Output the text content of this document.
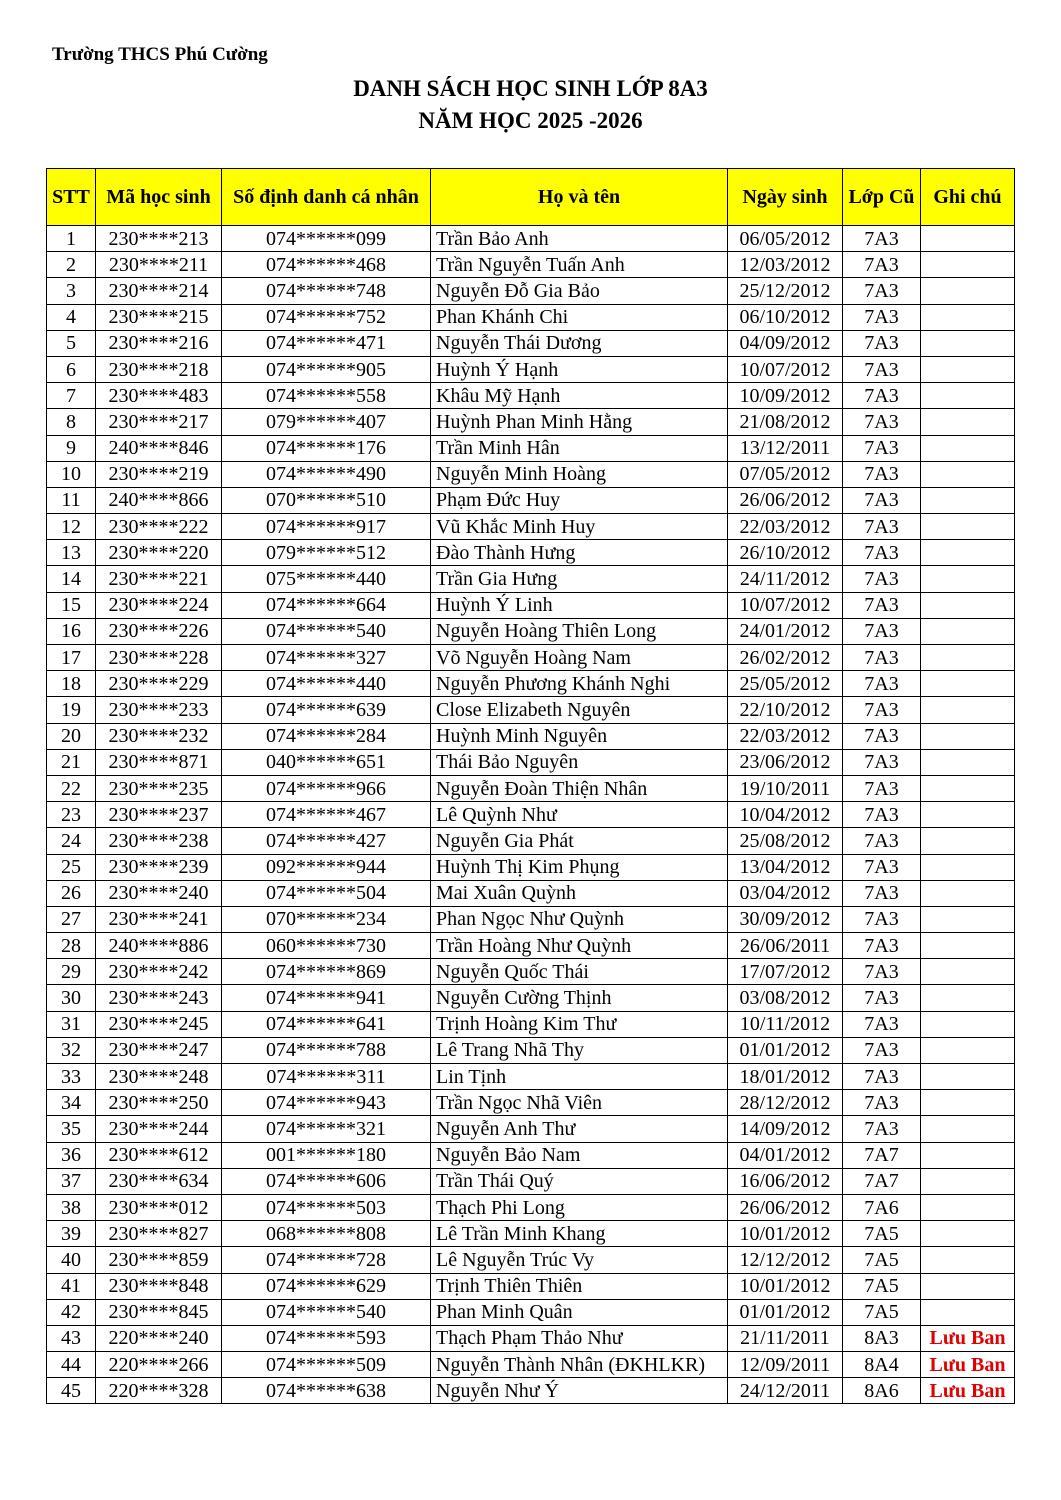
Trường THCS Phú Cường
DANH SÁCH HỌC SINH LỚP 8A3
NĂM HỌC 2025 -2026
STT	Mã học sinh	Số định danh cá nhân	Họ và tên	Ngày sinh	Lớp Cũ	Ghi chú
1	230****213	074******099	Trần Bảo Anh	06/05/2012	7A3	
2	230****211	074******468	Trần Nguyễn Tuấn Anh	12/03/2012	7A3	
3	230****214	074******748	Nguyễn Đỗ Gia Bảo	25/12/2012	7A3	
4	230****215	074******752	Phan Khánh Chi	06/10/2012	7A3	
5	230****216	074******471	Nguyễn Thái Dương	04/09/2012	7A3	
6	230****218	074******905	Huỳnh Ý Hạnh	10/07/2012	7A3	
7	230****483	074******558	Khâu Mỹ Hạnh	10/09/2012	7A3	
8	230****217	079******407	Huỳnh Phan Minh Hằng	21/08/2012	7A3	
9	240****846	074******176	Trần Minh Hân	13/12/2011	7A3	
10	230****219	074******490	Nguyễn Minh Hoàng	07/05/2012	7A3	
11	240****866	070******510	Phạm Đức Huy	26/06/2012	7A3	
12	230****222	074******917	Vũ Khắc Minh Huy	22/03/2012	7A3	
13	230****220	079******512	Đào Thành Hưng	26/10/2012	7A3	
14	230****221	075******440	Trần Gia Hưng	24/11/2012	7A3	
15	230****224	074******664	Huỳnh Ý Linh	10/07/2012	7A3	
16	230****226	074******540	Nguyễn Hoàng Thiên Long	24/01/2012	7A3	
17	230****228	074******327	Võ Nguyễn Hoàng Nam	26/02/2012	7A3	
18	230****229	074******440	Nguyễn Phương Khánh Nghi	25/05/2012	7A3	
19	230****233	074******639	Close Elizabeth Nguyên	22/10/2012	7A3	
20	230****232	074******284	Huỳnh Minh Nguyên	22/03/2012	7A3	
21	230****871	040******651	Thái Bảo Nguyên	23/06/2012	7A3	
22	230****235	074******966	Nguyễn Đoàn Thiện Nhân	19/10/2011	7A3	
23	230****237	074******467	Lê Quỳnh Như	10/04/2012	7A3	
24	230****238	074******427	Nguyễn Gia Phát	25/08/2012	7A3	
25	230****239	092******944	Huỳnh Thị Kim Phụng	13/04/2012	7A3	
26	230****240	074******504	Mai Xuân Quỳnh	03/04/2012	7A3	
27	230****241	070******234	Phan Ngọc Như Quỳnh	30/09/2012	7A3	
28	240****886	060******730	Trần Hoàng Như Quỳnh	26/06/2011	7A3	
29	230****242	074******869	Nguyễn Quốc Thái	17/07/2012	7A3	
30	230****243	074******941	Nguyễn Cường Thịnh	03/08/2012	7A3	
31	230****245	074******641	Trịnh Hoàng Kim Thư	10/11/2012	7A3	
32	230****247	074******788	Lê Trang Nhã Thy	01/01/2012	7A3	
33	230****248	074******311	Lin Tịnh	18/01/2012	7A3	
34	230****250	074******943	Trần Ngọc Nhã Viên	28/12/2012	7A3	
35	230****244	074******321	Nguyễn Anh Thư	14/09/2012	7A3	
36	230****612	001******180	Nguyễn Bảo Nam	04/01/2012	7A7	
37	230****634	074******606	Trần Thái Quý	16/06/2012	7A7	
38	230****012	074******503	Thạch Phi Long	26/06/2012	7A6	
39	230****827	068******808	Lê Trần Minh Khang	10/01/2012	7A5	
40	230****859	074******728	Lê Nguyễn Trúc Vy	12/12/2012	7A5	
41	230****848	074******629	Trịnh Thiên Thiên	10/01/2012	7A5	
42	230****845	074******540	Phan Minh Quân	01/01/2012	7A5	
43	220****240	074******593	Thạch Phạm Thảo Như	21/11/2011	8A3	Lưu Ban
44	220****266	074******509	Nguyễn Thành Nhân (ĐKHLKR)	12/09/2011	8A4	Lưu Ban
45	220****328	074******638	Nguyễn Như Ý	24/12/2011	8A6	Lưu Ban
